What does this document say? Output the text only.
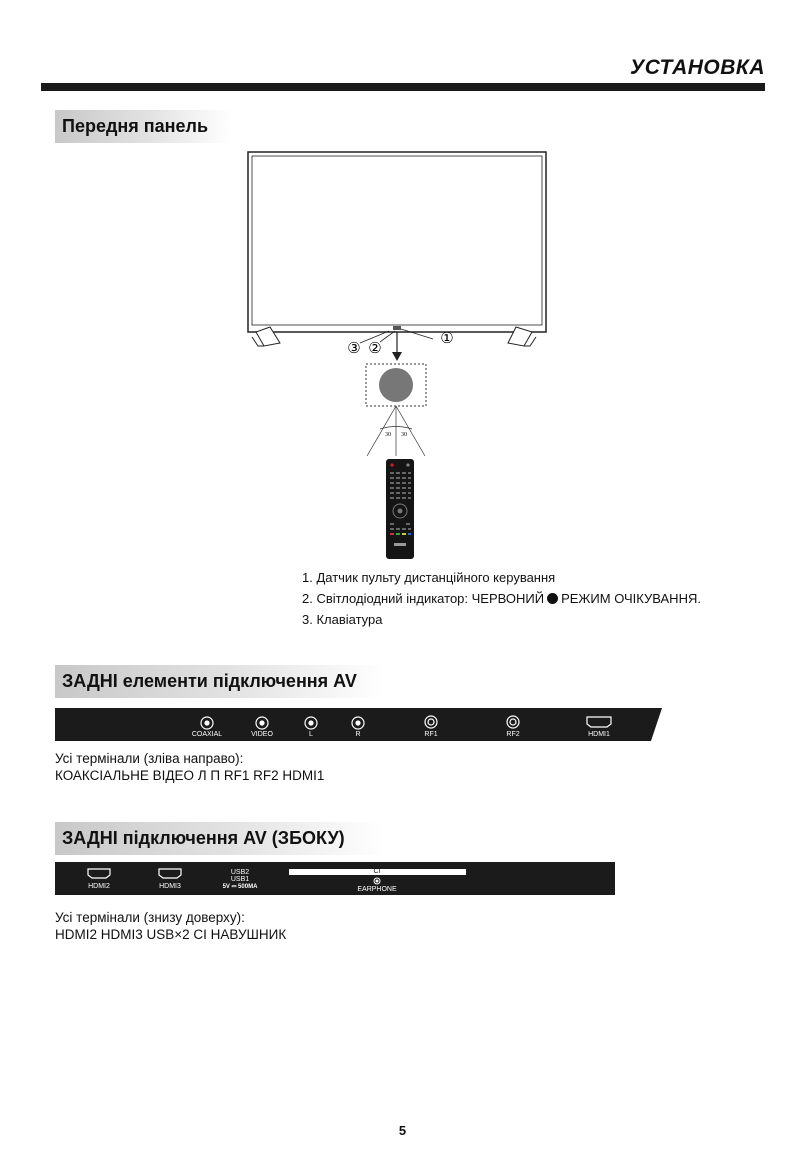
УСТАНОВКА
Передня панель
①
②
③
30 30
1. Датчик пульту дистанційного керування
2. Світлодіодний індикатор: ЧЕРВОНИЙ РЕЖИМ ОЧІКУВАННЯ.
3. Клавіатура
ЗАДНІ елементи підключення AV
COAXIAL	VIDEO	L	R	RF1	RF2	HDMI1
Усі термінали (зліва направо):
КОАКСІАЛЬНЕ ВІДЕО Л П RF1 RF2 HDMI1
ЗАДНІ підключення AV (ЗБОКУ)
HDMI2	HDMI3
USB2
USB1
5V ⎓ 500MA
CI
EARPHONE
Усі термінали (знизу доверху):
HDMI2 HDMI3 USB×2 CI НАВУШНИК
5
